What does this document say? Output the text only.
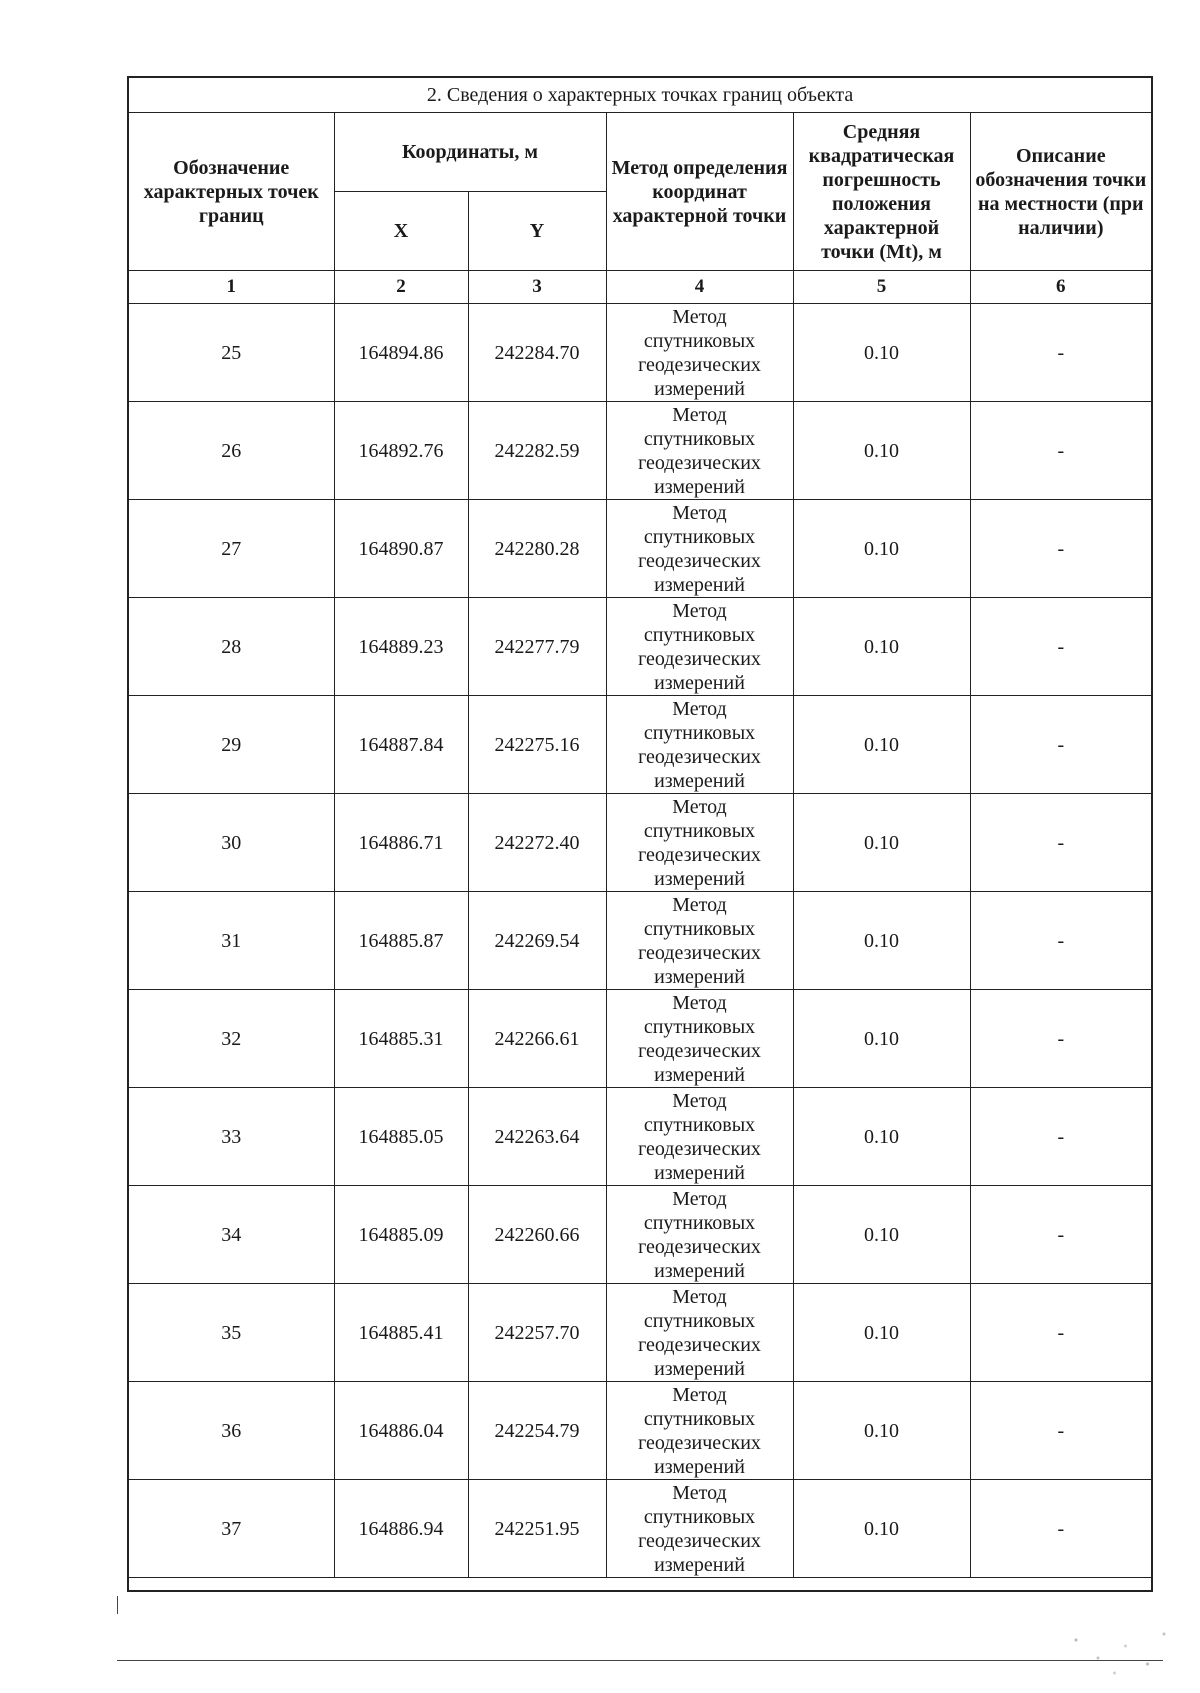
2. Сведения о характерных точках границ объекта					
Обозначение характерных точек границ	Координаты, м		Метод определения координат характерной точки	Средняя квадратическая погрешность положения характерной точки (Mt), м	Описание обозначения точки на местности (при наличии)
	X	Y			
1	2	3	4	5	6
25	164894.86	242284.70	Метод
спутниковых
геодезических
измерений	0.10	-
26	164892.76	242282.59	Метод
спутниковых
геодезических
измерений	0.10	-
27	164890.87	242280.28	Метод
спутниковых
геодезических
измерений	0.10	-
28	164889.23	242277.79	Метод
спутниковых
геодезических
измерений	0.10	-
29	164887.84	242275.16	Метод
спутниковых
геодезических
измерений	0.10	-
30	164886.71	242272.40	Метод
спутниковых
геодезических
измерений	0.10	-
31	164885.87	242269.54	Метод
спутниковых
геодезических
измерений	0.10	-
32	164885.31	242266.61	Метод
спутниковых
геодезических
измерений	0.10	-
33	164885.05	242263.64	Метод
спутниковых
геодезических
измерений	0.10	-
34	164885.09	242260.66	Метод
спутниковых
геодезических
измерений	0.10	-
35	164885.41	242257.70	Метод
спутниковых
геодезических
измерений	0.10	-
36	164886.04	242254.79	Метод
спутниковых
геодезических
измерений	0.10	-
37	164886.94	242251.95	Метод
спутниковых
геодезических
измерений	0.10	-
